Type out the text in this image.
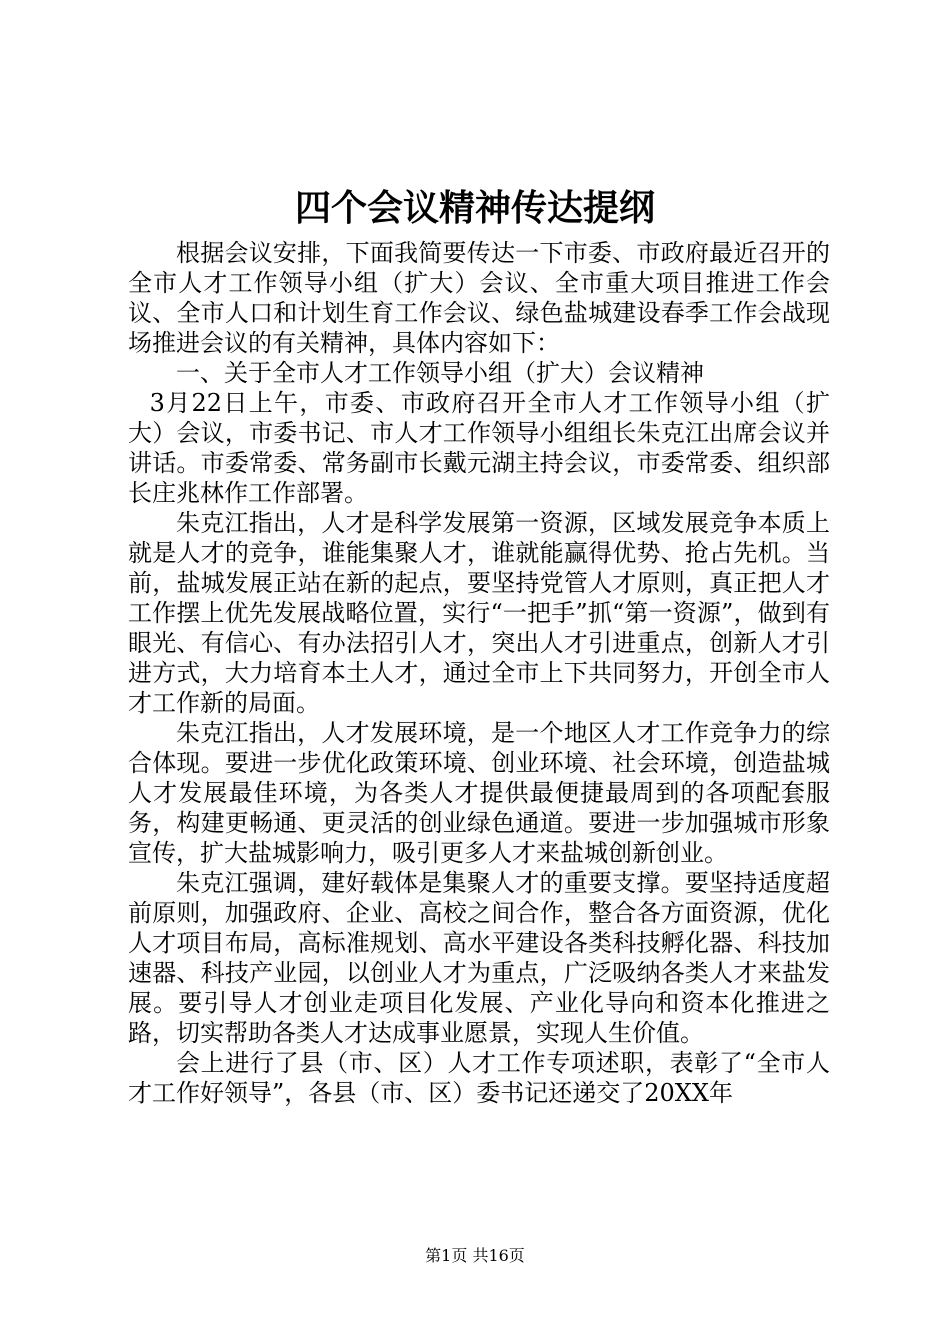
四个会议精神传达提纲

根据会议安排，下面我简要传达一下市委、市政府最近召开的全市人才工作领导小组（扩大）会议、全市重大项目推进工作会议、全市人口和计划生育工作会议、绿色盐城建设春季工作会战现场推进会议的有关精神，具体内容如下：

一、关于全市人才工作领导小组（扩大）会议精神

3月22日上午，市委、市政府召开全市人才工作领导小组（扩大）会议，市委书记、市人才工作领导小组组长朱克江出席会议并讲话。市委常委、常务副市长戴元湖主持会议，市委常委、组织部长庄兆林作工作部署。

朱克江指出，人才是科学发展第一资源，区域发展竞争本质上就是人才的竞争，谁能集聚人才，谁就能赢得优势、抢占先机。当前，盐城发展正站在新的起点，要坚持党管人才原则，真正把人才工作摆上优先发展战略位置，实行“一把手”抓“第一资源”，做到有眼光、有信心、有办法招引人才，突出人才引进重点，创新人才引进方式，大力培育本土人才，通过全市上下共同努力，开创全市人才工作新的局面。

朱克江指出，人才发展环境，是一个地区人才工作竞争力的综合体现。要进一步优化政策环境、创业环境、社会环境，创造盐城人才发展最佳环境，为各类人才提供最便捷最周到的各项配套服务，构建更畅通、更灵活的创业绿色通道。要进一步加强城市形象宣传，扩大盐城影响力，吸引更多人才来盐城创新创业。

朱克江强调，建好载体是集聚人才的重要支撑。要坚持适度超前原则，加强政府、企业、高校之间合作，整合各方面资源，优化人才项目布局，高标准规划、高水平建设各类科技孵化器、科技加速器、科技产业园，以创业人才为重点，广泛吸纳各类人才来盐发展。要引导人才创业走项目化发展、产业化导向和资本化推进之路，切实帮助各类人才达成事业愿景，实现人生价值。

会上进行了县（市、区）人才工作专项述职，表彰了“全市人才工作好领导”，各县（市、区）委书记还递交了20XX年

第1页 共16页
